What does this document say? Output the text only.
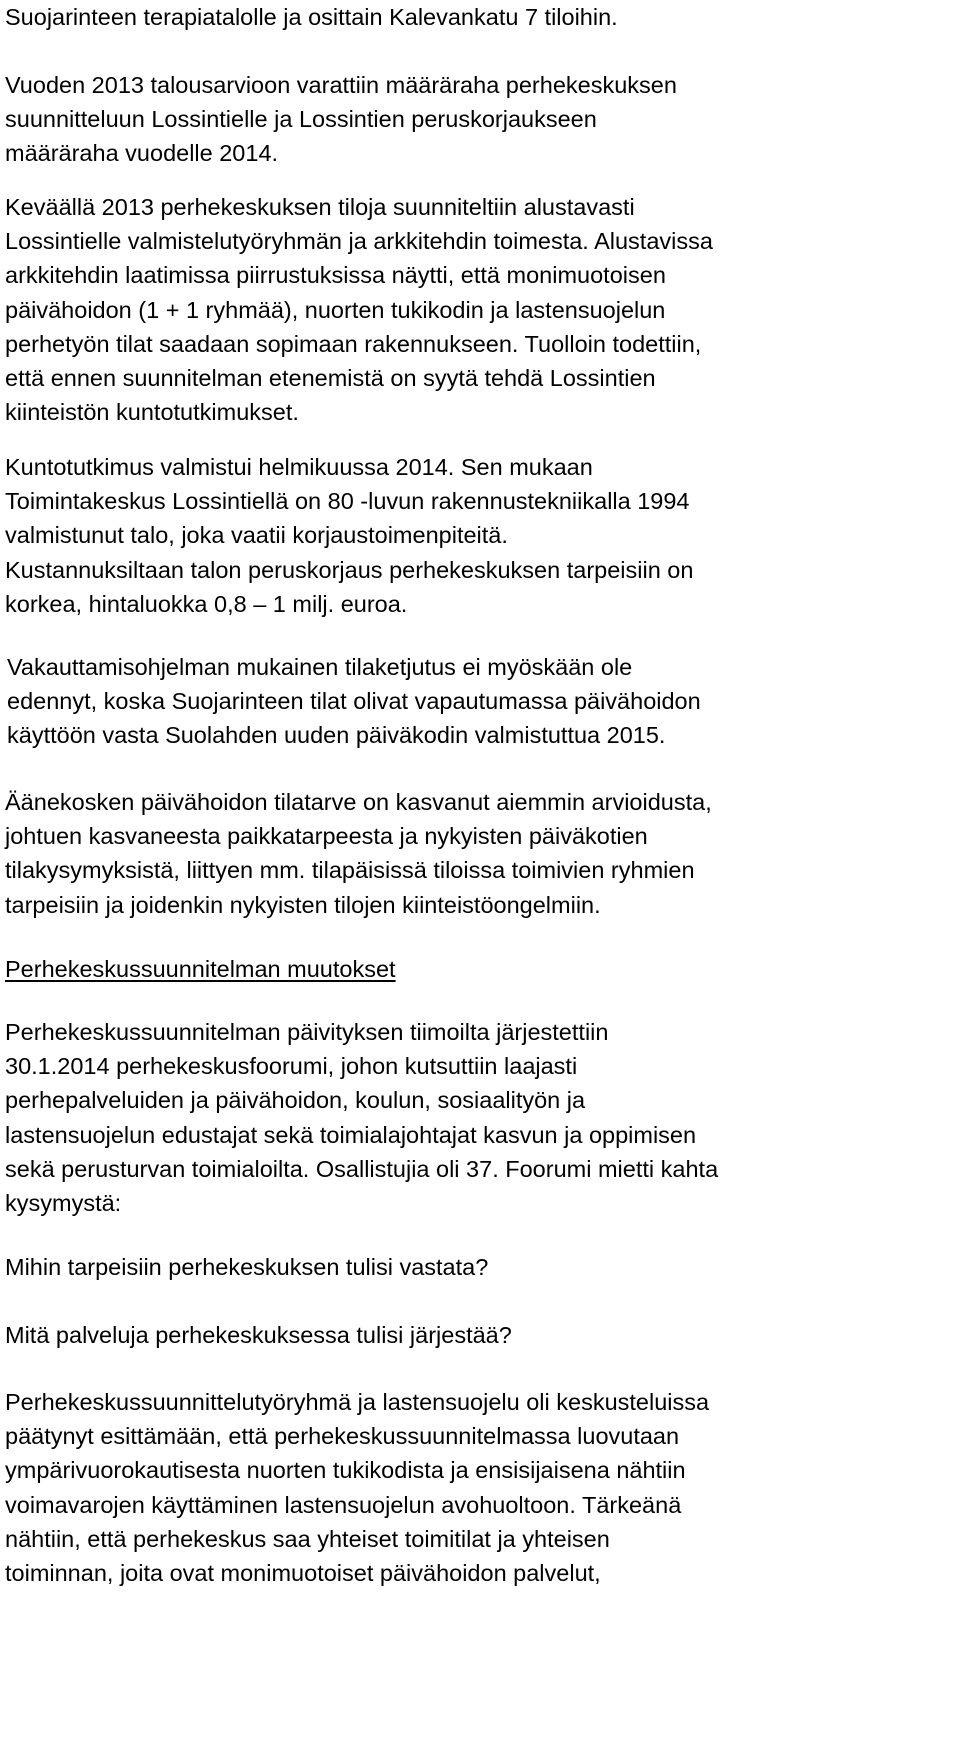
Suojarinteen terapiatalolle ja osittain Kalevankatu 7 tiloihin.
Vuoden 2013 talousarvioon varattiin määräraha perhekeskuksen
suunnitteluun Lossintielle ja Lossintien peruskorjaukseen
määräraha vuodelle 2014.
Keväällä 2013 perhekeskuksen tiloja suunniteltiin alustavasti
Lossintielle valmistelutyöryhmän ja arkkitehdin toimesta. Alustavissa
arkkitehdin laatimissa piirrustuksissa näytti, että monimuotoisen
päivähoidon (1 + 1 ryhmää), nuorten tukikodin ja lastensuojelun
perhetyön tilat saadaan sopimaan rakennukseen. Tuolloin todettiin,
että ennen suunnitelman etenemistä on syytä tehdä Lossintien
kiinteistön kuntotutkimukset.
Kuntotutkimus valmistui helmikuussa 2014. Sen mukaan
Toimintakeskus Lossintiellä on 80 -luvun rakennustekniikalla 1994
valmistunut talo, joka vaatii korjaustoimenpiteitä.
Kustannuksiltaan talon peruskorjaus perhekeskuksen tarpeisiin on
korkea, hintaluokka 0,8 – 1 milj. euroa.
Vakauttamisohjelman mukainen tilaketjutus ei myöskään ole
edennyt, koska Suojarinteen tilat olivat vapautumassa päivähoidon
käyttöön vasta Suolahden uuden päiväkodin valmistuttua 2015.
Äänekosken päivähoidon tilatarve on kasvanut aiemmin arvioidusta,
johtuen kasvaneesta paikkatarpeesta ja nykyisten päiväkotien
tilakysymyksistä, liittyen mm. tilapäisissä tiloissa toimivien ryhmien
tarpeisiin ja joidenkin nykyisten tilojen kiinteistöongelmiin.
Perhekeskussuunnitelman muutokset
Perhekeskussuunnitelman päivityksen tiimoilta järjestettiin
30.1.2014 perhekeskusfoorumi, johon kutsuttiin laajasti
perhepalveluiden ja päivähoidon, koulun, sosiaalityön ja
lastensuojelun edustajat sekä toimialajohtajat kasvun ja oppimisen
sekä perusturvan toimialoilta. Osallistujia oli 37. Foorumi mietti kahta
kysymystä:
Mihin tarpeisiin perhekeskuksen tulisi vastata?
Mitä palveluja perhekeskuksessa tulisi järjestää?
Perhekeskussuunnittelutyöryhmä ja lastensuojelu oli keskusteluissa
päätynyt esittämään, että perhekeskussuunnitelmassa luovutaan
ympärivuorokautisesta nuorten tukikodista ja ensisijaisena nähtiin
voimavarojen käyttäminen lastensuojelun avohuoltoon. Tärkeänä
nähtiin, että perhekeskus saa yhteiset toimitilat ja yhteisen
toiminnan, joita ovat monimuotoiset päivähoidon palvelut,
